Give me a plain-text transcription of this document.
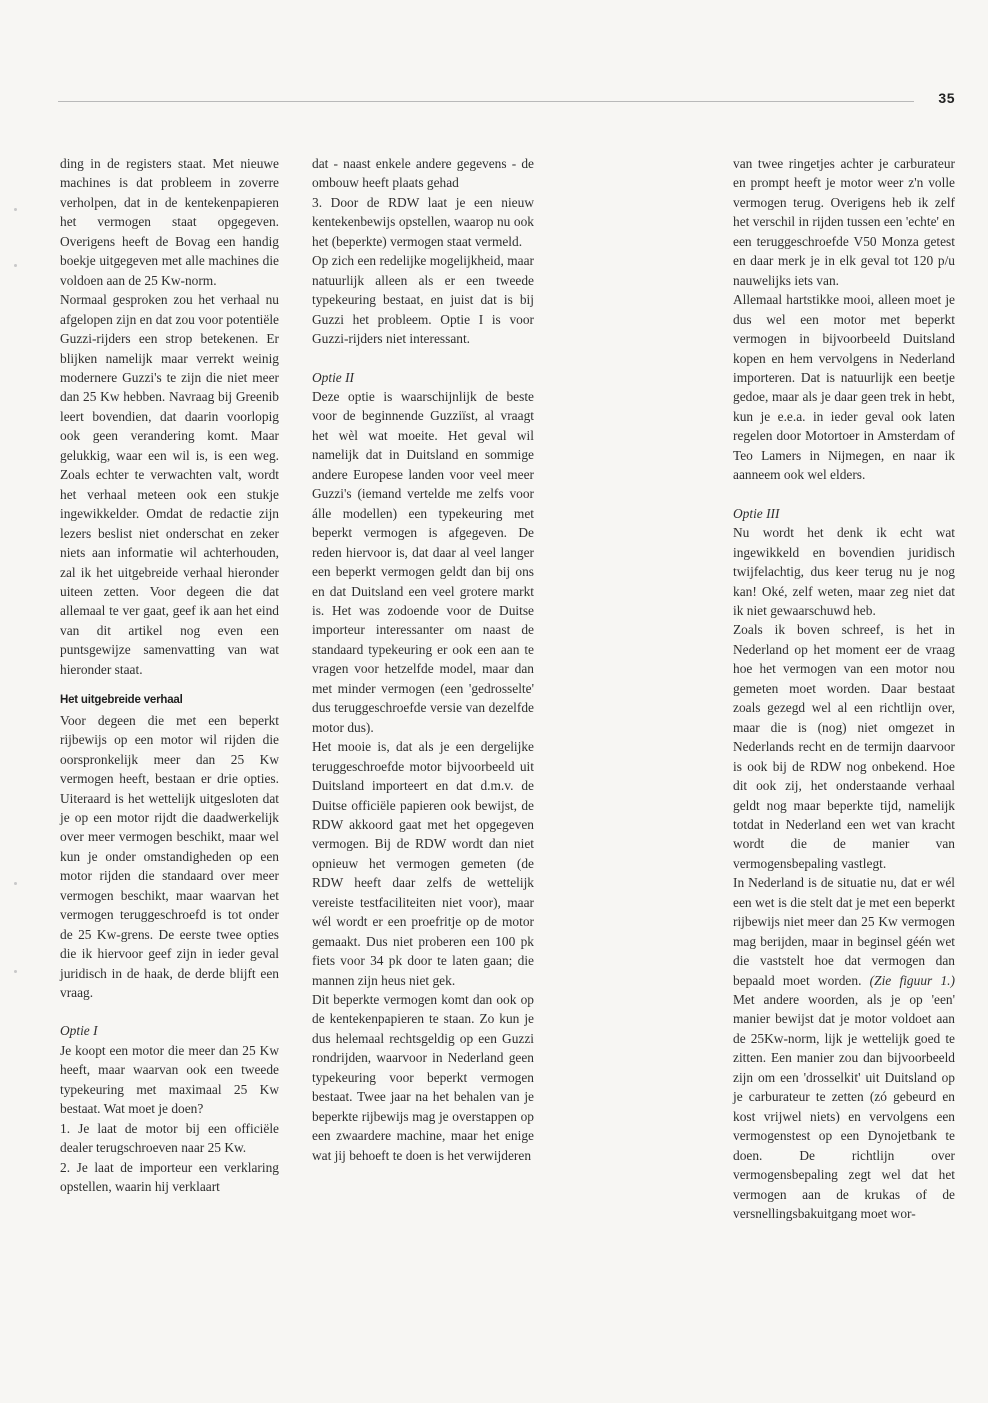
35

ding in de registers staat. Met nieuwe machines is dat probleem in zoverre verholpen, dat in de kentekenpapieren het vermogen staat opgegeven. Overigens heeft de Bovag een handig boekje uitgegeven met alle machines die voldoen aan de 25 Kw-norm.

Normaal gesproken zou het verhaal nu afgelopen zijn en dat zou voor potentiële Guzzi-rijders een strop betekenen. Er blijken namelijk maar verrekt weinig modernere Guzzi's te zijn die niet meer dan 25 Kw hebben. Navraag bij Greenib leert bovendien, dat daarin voorlopig ook geen verandering komt. Maar gelukkig, waar een wil is, is een weg. Zoals echter te verwachten valt, wordt het verhaal meteen ook een stukje ingewikkelder. Omdat de redactie zijn lezers beslist niet onderschat en zeker niets aan informatie wil achterhouden, zal ik het uitgebreide verhaal hieronder uiteen zetten. Voor degeen die dat allemaal te ver gaat, geef ik aan het eind van dit artikel nog even een puntsgewijze samenvatting van wat hieronder staat.

Het uitgebreide verhaal

Voor degeen die met een beperkt rijbewijs op een motor wil rijden die oorspronkelijk meer dan 25 Kw vermogen heeft, bestaan er drie opties. Uiteraard is het wettelijk uitgesloten dat je op een motor rijdt die daadwerkelijk over meer vermogen beschikt, maar wel kun je onder omstandigheden op een motor rijden die standaard over meer vermogen beschikt, maar waarvan het vermogen teruggeschroefd is tot onder de 25 Kw-grens. De eerste twee opties die ik hiervoor geef zijn in ieder geval juridisch in de haak, de derde blijft een vraag.

Optie I

Je koopt een motor die meer dan 25 Kw heeft, maar waarvan ook een tweede typekeuring met maximaal 25 Kw bestaat. Wat moet je doen?

1. Je laat de motor bij een officiële dealer terugschroeven naar 25 Kw.

2. Je laat de importeur een verklaring opstellen, waarin hij verklaart

dat - naast enkele andere gegevens - de ombouw heeft plaats gehad

3. Door de RDW laat je een nieuw kentekenbewijs opstellen, waarop nu ook het (beperkte) vermogen staat vermeld.

Op zich een redelijke mogelijkheid, maar natuurlijk alleen als er een tweede typekeuring bestaat, en juist dat is bij Guzzi het probleem. Optie I is voor Guzzi-rijders niet interessant.

Optie II

Deze optie is waarschijnlijk de beste voor de beginnende Guzziïst, al vraagt het wèl wat moeite. Het geval wil namelijk dat in Duitsland en sommige andere Europese landen voor veel meer Guzzi's (iemand vertelde me zelfs voor álle modellen) een typekeuring met beperkt vermogen is afgegeven. De reden hiervoor is, dat daar al veel langer een beperkt vermogen geldt dan bij ons en dat Duitsland een veel grotere markt is. Het was zodoende voor de Duitse importeur interessanter om naast de standaard typekeuring er ook een aan te vragen voor hetzelfde model, maar dan met minder vermogen (een 'gedrosselte' dus teruggeschroefde versie van dezelfde motor dus).

Het mooie is, dat als je een dergelijke teruggeschroefde motor bijvoorbeeld uit Duitsland importeert en dat d.m.v. de Duitse officiële papieren ook bewijst, de RDW akkoord gaat met het opgegeven vermogen. Bij de RDW wordt dan niet opnieuw het vermogen gemeten (de RDW heeft daar zelfs de wettelijk vereiste testfaciliteiten niet voor), maar wél wordt er een proefritje op de motor gemaakt. Dus niet proberen een 100 pk fiets voor 34 pk door te laten gaan; die mannen zijn heus niet gek.

Dit beperkte vermogen komt dan ook op de kentekenpapieren te staan. Zo kun je dus helemaal rechtsgeldig op een Guzzi rondrijden, waarvoor in Nederland geen typekeuring voor beperkt vermogen bestaat. Twee jaar na het behalen van je beperkte rijbewijs mag je overstappen op een zwaardere machine, maar het enige wat jij behoeft te doen is het verwijderen

van twee ringetjes achter je carburateur en prompt heeft je motor weer z'n volle vermogen terug. Overigens heb ik zelf het verschil in rijden tussen een 'echte' en een teruggeschroefde V50 Monza getest en daar merk je in elk geval tot 120 p/u nauwelijks iets van.

Allemaal hartstikke mooi, alleen moet je dus wel een motor met beperkt vermogen in bijvoorbeeld Duitsland kopen en hem vervolgens in Nederland importeren. Dat is natuurlijk een beetje gedoe, maar als je daar geen trek in hebt, kun je e.e.a. in ieder geval ook laten regelen door Motortoer in Amsterdam of Teo Lamers in Nijmegen, en naar ik aanneem ook wel elders.

Optie III

Nu wordt het denk ik echt wat ingewikkeld en bovendien juridisch twijfelachtig, dus keer terug nu je nog kan! Oké, zelf weten, maar zeg niet dat ik niet gewaarschuwd heb.

Zoals ik boven schreef, is het in Nederland op het moment eer de vraag hoe het vermogen van een motor nou gemeten moet worden. Daar bestaat zoals gezegd wel al een richtlijn over, maar die is (nog) niet omgezet in Nederlands recht en de termijn daarvoor is ook bij de RDW nog onbekend. Hoe dit ook zij, het onderstaande verhaal geldt nog maar beperkte tijd, namelijk totdat in Nederland een wet van kracht wordt die de manier van vermogensbepaling vastlegt.

In Nederland is de situatie nu, dat er wél een wet is die stelt dat je met een beperkt rijbewijs niet meer dan 25 Kw vermogen mag berijden, maar in beginsel géén wet die vaststelt hoe dat vermogen dan bepaald moet worden. (Zie figuur 1.) Met andere woorden, als je op 'een' manier bewijst dat je motor voldoet aan de 25Kw-norm, lijk je wettelijk goed te zitten. Een manier zou dan bijvoorbeeld zijn om een 'drosselkit' uit Duitsland op je carburateur te zetten (zó gebeurd en kost vrijwel niets) en vervolgens een vermogenstest op een Dynojetbank te doen. De richtlijn over vermogensbepaling zegt wel dat het vermogen aan de krukas of de versnellingsbakuitgang moet wor-
